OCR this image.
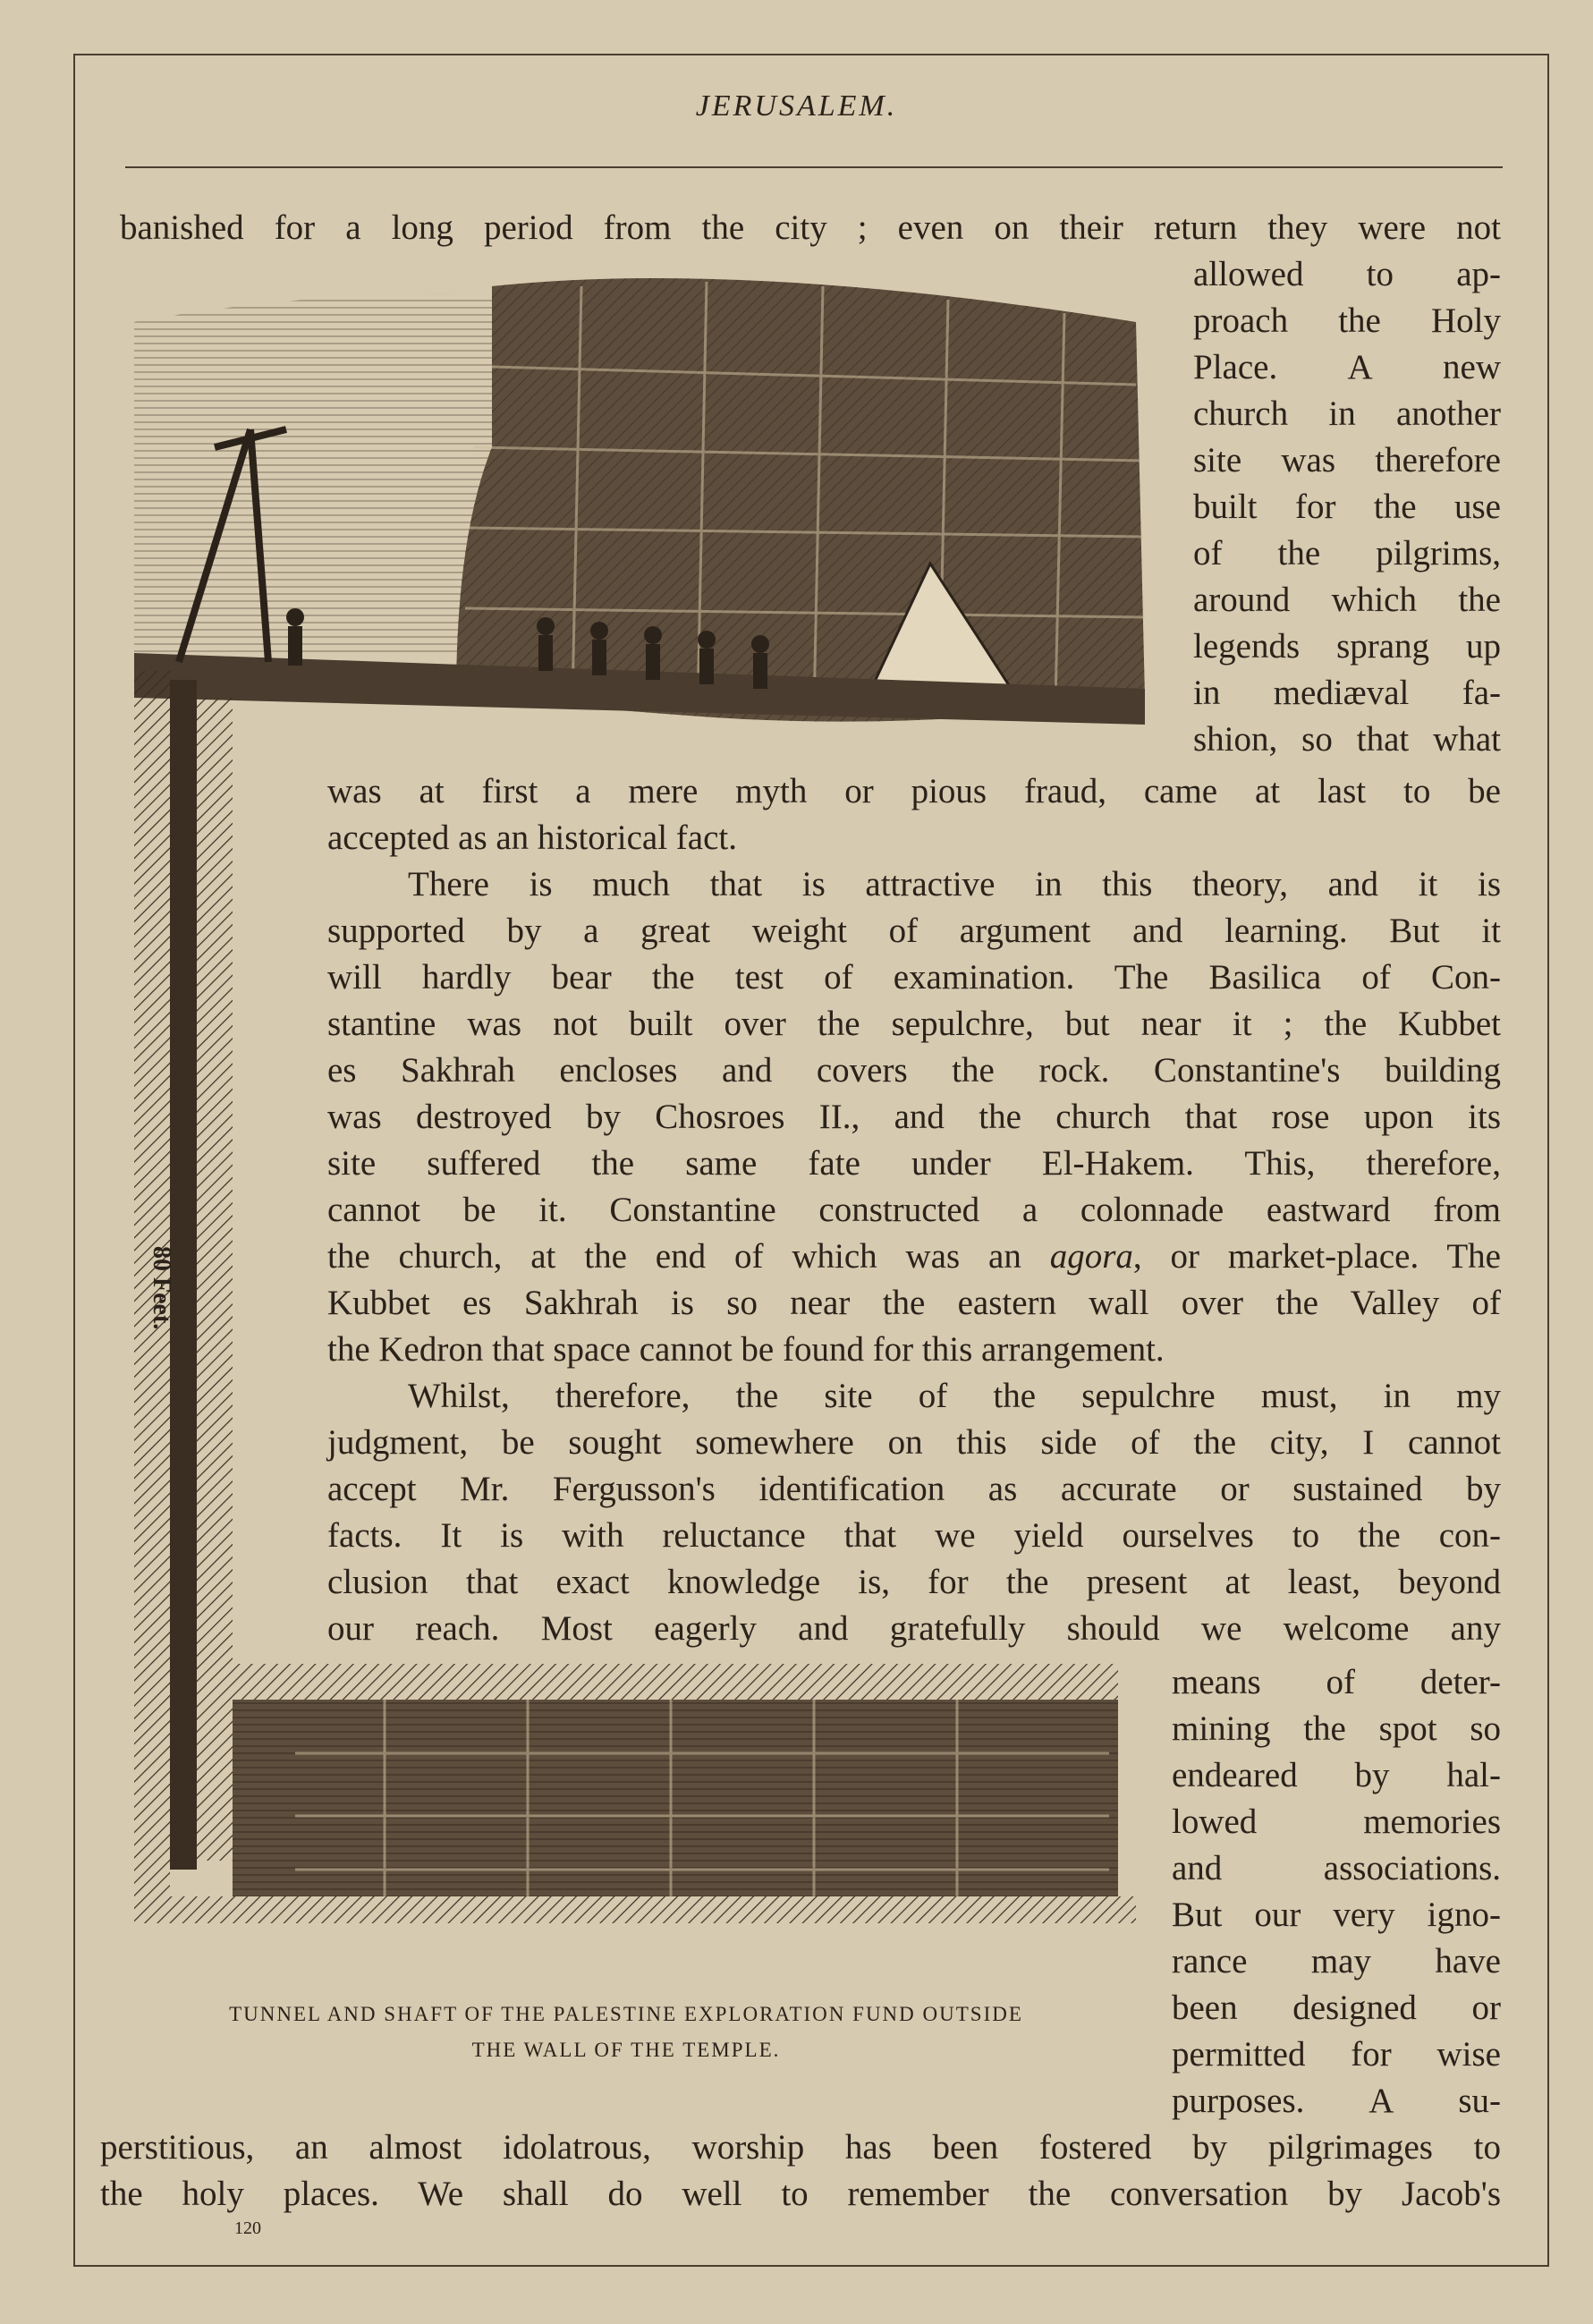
JERUSALEM.
80 Feet.
banished for a long period from the city ; even on their return they were not
allowed to ap-
proach the Holy
Place. A new
church in another
site was therefore
built for the use
of the pilgrims,
around which the
legends sprang up
in mediæval fa-
shion, so that what
was at first a mere myth or pious fraud, came at last to be
accepted as an historical fact.
There is much that is attractive in this theory, and it is
supported by a great weight of argument and learning. But it
will hardly bear the test of examination. The Basilica of Con-
stantine was not built over the sepulchre, but near it ; the Kubbet
es Sakhrah encloses and covers the rock. Constantine's building
was destroyed by Chosroes II., and the church that rose upon its
site suffered the same fate under El-Hakem. This, therefore,
cannot be it. Constantine constructed a colonnade eastward from
the church, at the end of which was an agora, or market-place. The
Kubbet es Sakhrah is so near the eastern wall over the Valley of
the Kedron that space cannot be found for this arrangement.
Whilst, therefore, the site of the sepulchre must, in my
judgment, be sought somewhere on this side of the city, I cannot
accept Mr. Fergusson's identification as accurate or sustained by
facts. It is with reluctance that we yield ourselves to the con-
clusion that exact knowledge is, for the present at least, beyond
our reach. Most eagerly and gratefully should we welcome any
means of deter-
mining the spot so
endeared by hal-
lowed memories
and associations.
But our very igno-
rance may have
been designed or
permitted for wise
purposes. A su-
perstitious, an almost idolatrous, worship has been fostered by pilgrimages to
the holy places. We shall do well to remember the conversation by Jacob's
TUNNEL AND SHAFT OF THE PALESTINE EXPLORATION FUND OUTSIDE
THE WALL OF THE TEMPLE.
120
